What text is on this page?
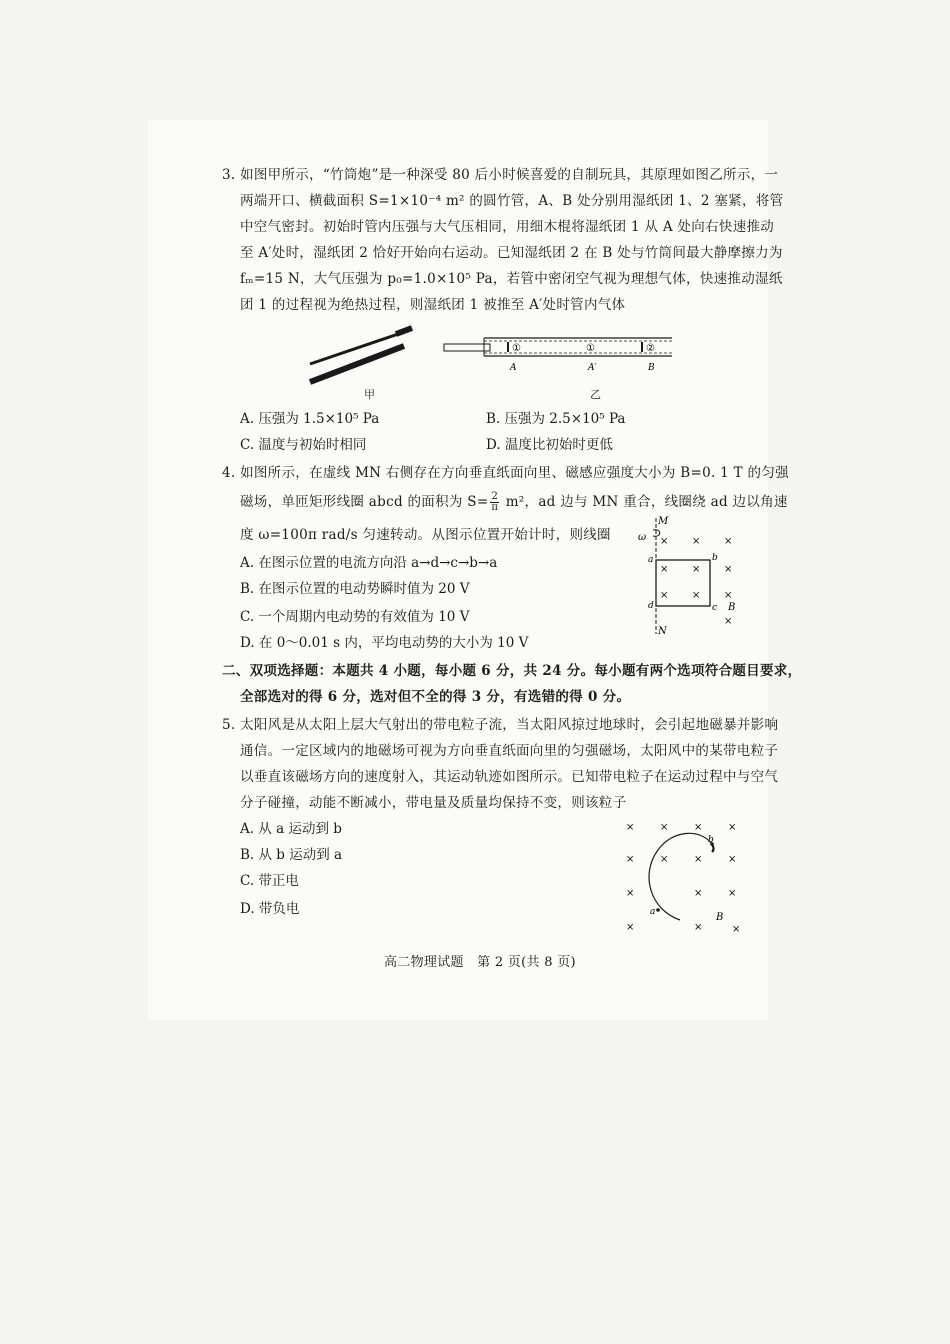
3. 如图甲所示，“竹筒炮”是一种深受 80 后小时候喜爱的自制玩具，其原理如图乙所示，一
两端开口、横截面积 S=1×10⁻⁴ m² 的圆竹管，A、B 处分别用湿纸团 1、2 塞紧，将管
中空气密封。初始时管内压强与大气压相同，用细木棍将湿纸团 1 从 A 处向右快速推动
至 A′处时，湿纸团 2 恰好开始向右运动。已知湿纸团 2 在 B 处与竹筒间最大静摩擦力为
fₘ=15 N，大气压强为 p₀=1.0×10⁵ Pa，若管中密闭空气视为理想气体，快速推动湿纸
团 1 的过程视为绝热过程，则湿纸团 1 被推至 A′处时管内气体
甲
①	①	②
A	A′	B
乙
A. 压强为 1.5×10⁵ Pa	B. 压强为 2.5×10⁵ Pa
C. 温度与初始时相同	D. 温度比初始时更低
4. 如图所示，在虚线 MN 右侧存在方向垂直纸面向里、磁感应强度大小为 B=0. 1 T 的匀强
磁场，单匝矩形线圈 abcd 的面积为 $S= \frac{2}{\pi} m^2$，ad 边与 MN 重合，线圈绕 ad 边以角速
度 ω=100π rad/s 匀速转动。从图示位置开始计时，则线圈
A. 在图示位置的电流方向沿 a→d→c→b→a
B. 在图示位置的电动势瞬时值为 20 V
C. 一个周期内电动势的有效值为 10 V
D. 在 0～0.01 s 内，平均电动势的大小为 10 V
M
ω
N
a	b
c
d	B
× × ×
× × ×
× × ×
×
二、双项选择题：本题共 4 小题，每小题 6 分，共 24 分。每小题有两个选项符合题目要求，
全部选对的得 6 分，选对但不全的得 3 分，有选错的得 0 分。
5. 太阳风是从太阳上层大气射出的带电粒子流，当太阳风掠过地球时，会引起地磁暴并影响
通信。一定区域内的地磁场可视为方向垂直纸面向里的匀强磁场，太阳风中的某带电粒子
以垂直该磁场方向的速度射入，其运动轨迹如图所示。已知带电粒子在运动过程中与空气
分子碰撞，动能不断减小，带电量及质量均保持不变，则该粒子
A. 从 a 运动到 b
B. 从 b 运动到 a
C. 带正电
D. 带负电
×	×	×	×
×	×	×	×
×	×	×
×	×	×
a
b
B
高二物理试题　第 2 页(共 8 页)
